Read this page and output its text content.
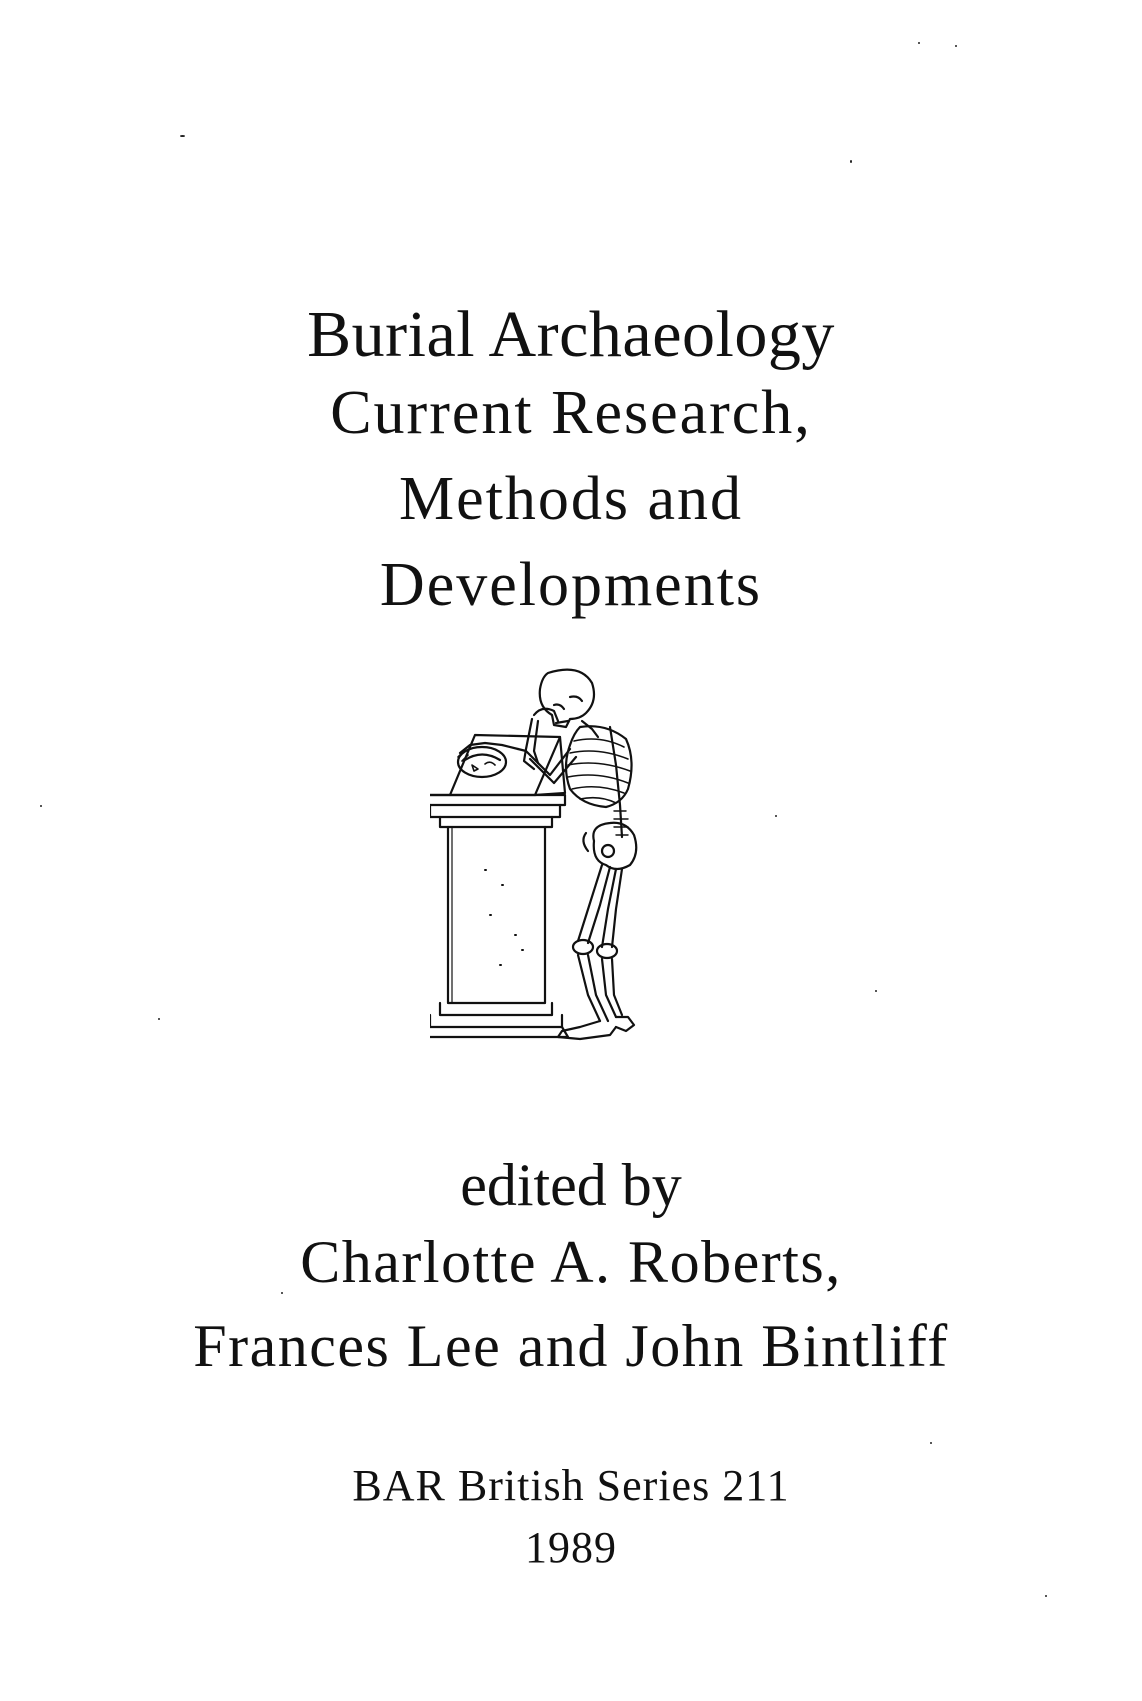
Burial Archaeology
Current Research,
Methods and
Developments
edited by
Charlotte A. Roberts,
Frances Lee and John Bintliff
BAR British Series 211
1989
